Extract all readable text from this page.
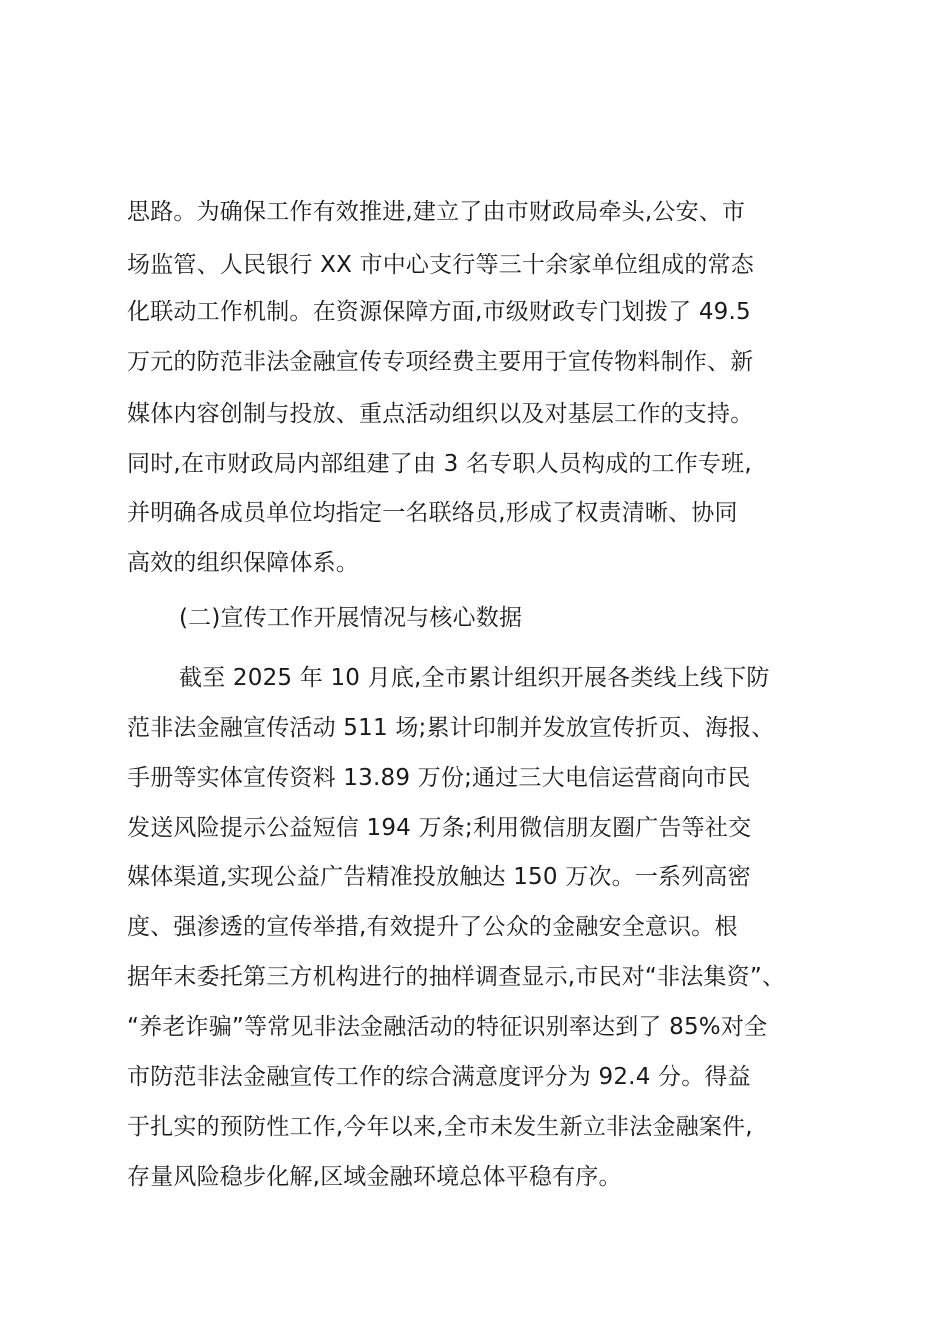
思路。为确保工作有效推进,建立了由市财政局牵头,公安、市
场监管、人民银行 XX 市中心支行等三十余家单位组成的常态
化联动工作机制。在资源保障方面,市级财政专门划拨了 49.5
万元的防范非法金融宣传专项经费主要用于宣传物料制作、新
媒体内容创制与投放、重点活动组织以及对基层工作的支持。
同时,在市财政局内部组建了由 3 名专职人员构成的工作专班,
并明确各成员单位均指定一名联络员,形成了权责清晰、协同
高效的组织保障体系。
(二)宣传工作开展情况与核心数据
截至 2025 年 10 月底,全市累计组织开展各类线上线下防
范非法金融宣传活动 511 场;累计印制并发放宣传折页、海报、
手册等实体宣传资料 13.89 万份;通过三大电信运营商向市民
发送风险提示公益短信 194 万条;利用微信朋友圈广告等社交
媒体渠道,实现公益广告精准投放触达 150 万次。一系列高密
度、强渗透的宣传举措,有效提升了公众的金融安全意识。根
据年末委托第三方机构进行的抽样调查显示,市民对“非法集资”、
“养老诈骗”等常见非法金融活动的特征识别率达到了 85%对全
市防范非法金融宣传工作的综合满意度评分为 92.4 分。得益
于扎实的预防性工作,今年以来,全市未发生新立非法金融案件,
存量风险稳步化解,区域金融环境总体平稳有序。
